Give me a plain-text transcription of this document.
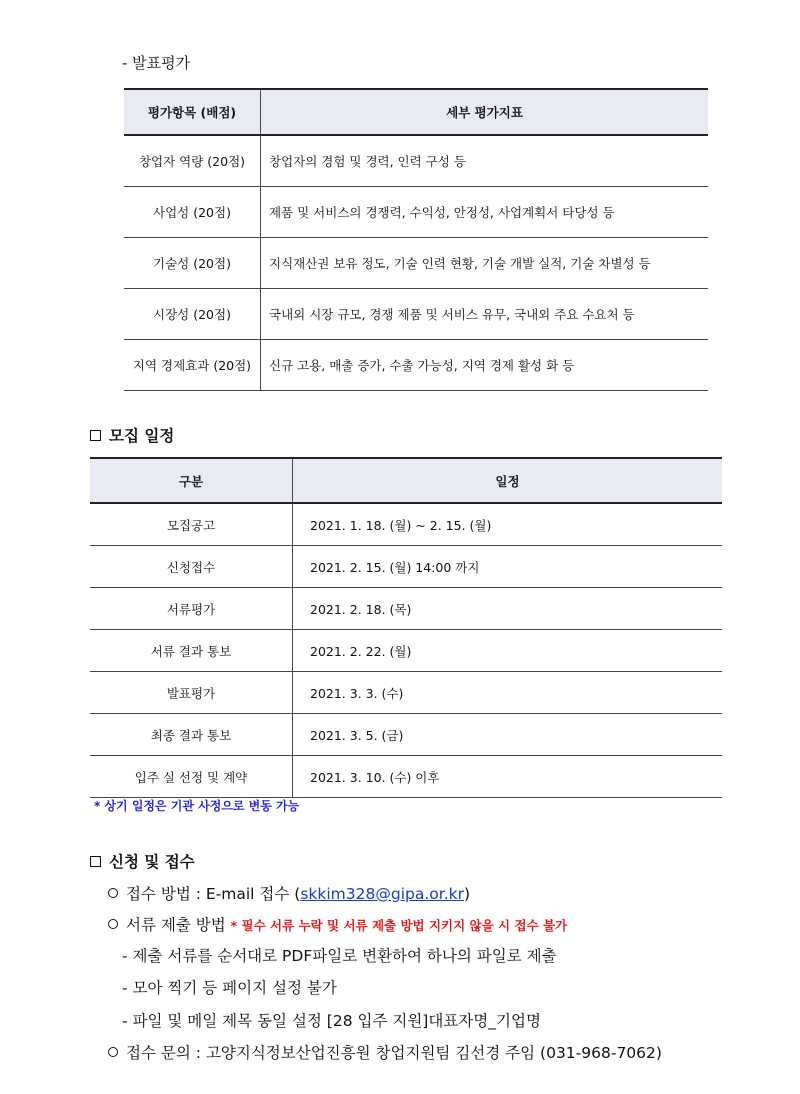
- 발표평가
평가항목 (배점)	세부 평가지표
창업자 역량 (20점)	창업자의 경험 및 경력, 인력 구성 등
사업성 (20점)	제품 및 서비스의 경쟁력, 수익성, 안정성, 사업계획서 타당성 등
기술성 (20점)	지식재산권 보유 정도, 기술 인력 현황, 기술 개발 실적, 기술 차별성 등
시장성 (20점)	국내외 시장 규모, 경쟁 제품 및 서비스 유무, 국내외 주요 수요처 등
지역 경제효과 (20점)	신규 고용, 매출 증가, 수출 가능성, 지역 경제 활성 화 등
모집 일정
구분	일정
모집공고	2021. 1. 18. (월) ~ 2. 15. (월)
신청접수	2021. 2. 15. (월) 14:00 까지
서류평가	2021. 2. 18. (목)
서류 결과 통보	2021. 2. 22. (월)
발표평가	2021. 3. 3. (수)
최종 결과 통보	2021. 3. 5. (금)
입주 실 선정 및 계약	2021. 3. 10. (수) 이후
* 상기 일정은 기관 사정으로 변동 가능
신청 및 접수
접수 방법 : E-mail 접수 (skkim328@gipa.or.kr)
서류 제출 방법 * 필수 서류 누락 및 서류 제출 방법 지키지 않을 시 접수 불가
- 제출 서류를 순서대로 PDF파일로 변환하여 하나의 파일로 제출
- 모아 찍기 등 페이지 설정 불가
- 파일 및 메일 제목 동일 설정 [28 입주 지원]대표자명_기업명
접수 문의 : 고양지식정보산업진흥원 창업지원팀 김선경 주임 (031-968-7062)
